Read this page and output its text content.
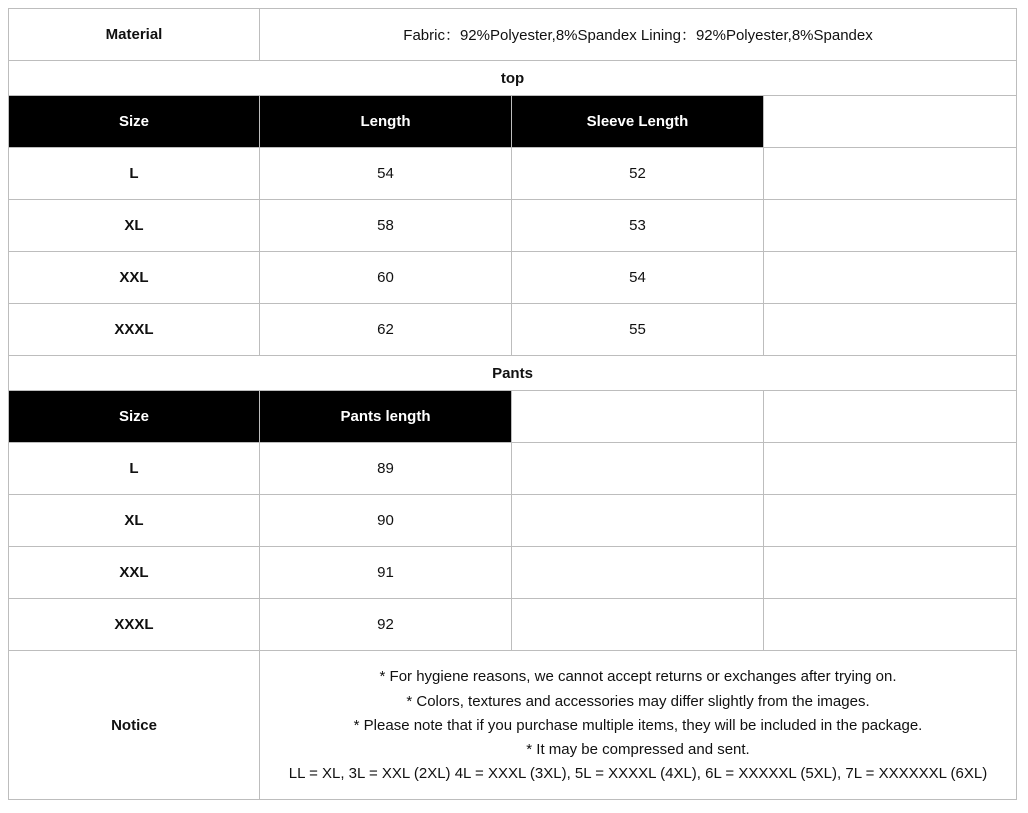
Material	Fabric：92%Polyester,8%Spandex Lining：92%Polyester,8%Spandex		
top			
Size	Length	Sleeve Length	
L	54	52	
XL	58	53	
XXL	60	54	
XXXL	62	55	
Pants			
Size	Pants length		
L	89		
XL	90		
XXL	91		
XXXL	92		
Notice	* For hygiene reasons, we cannot accept returns or exchanges after trying on.
* Colors, textures and accessories may differ slightly from the images.
* Please note that if you purchase multiple items, they will be included in the package.
* It may be compressed and sent.
LL = XL, 3L = XXL (2XL) 4L = XXXL (3XL), 5L = XXXXL (4XL), 6L = XXXXXL (5XL), 7L = XXXXXXL (6XL)		
